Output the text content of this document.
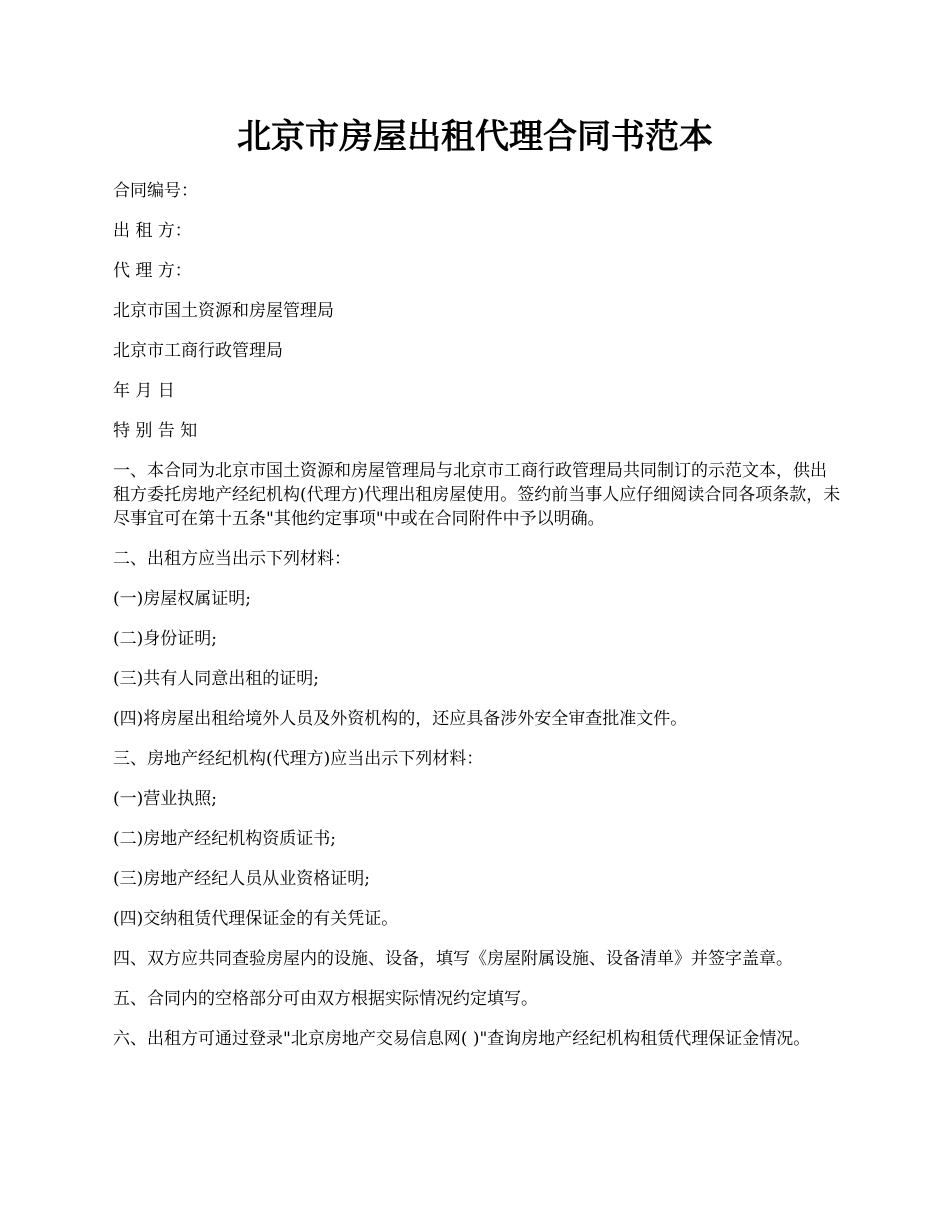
北京市房屋出租代理合同书范本

合同编号：

出 租 方：

代 理 方：

北京市国土资源和房屋管理局

北京市工商行政管理局

年 月 日

特 别 告 知

一、本合同为北京市国土资源和房屋管理局与北京市工商行政管理局共同制订的示范文本，供出租方委托房地产经纪机构(代理方)代理出租房屋使用。签约前当事人应仔细阅读合同各项条款，未尽事宜可在第十五条"其他约定事项"中或在合同附件中予以明确。

二、出租方应当出示下列材料：

(一)房屋权属证明;

(二)身份证明;

(三)共有人同意出租的证明;

(四)将房屋出租给境外人员及外资机构的，还应具备涉外安全审查批准文件。

三、房地产经纪机构(代理方)应当出示下列材料：

(一)营业执照;

(二)房地产经纪机构资质证书;

(三)房地产经纪人员从业资格证明;

(四)交纳租赁代理保证金的有关凭证。

四、双方应共同查验房屋内的设施、设备，填写《房屋附属设施、设备清单》并签字盖章。

五、合同内的空格部分可由双方根据实际情况约定填写。

六、出租方可通过登录"北京房地产交易信息网( )"查询房地产经纪机构租赁代理保证金情况。
